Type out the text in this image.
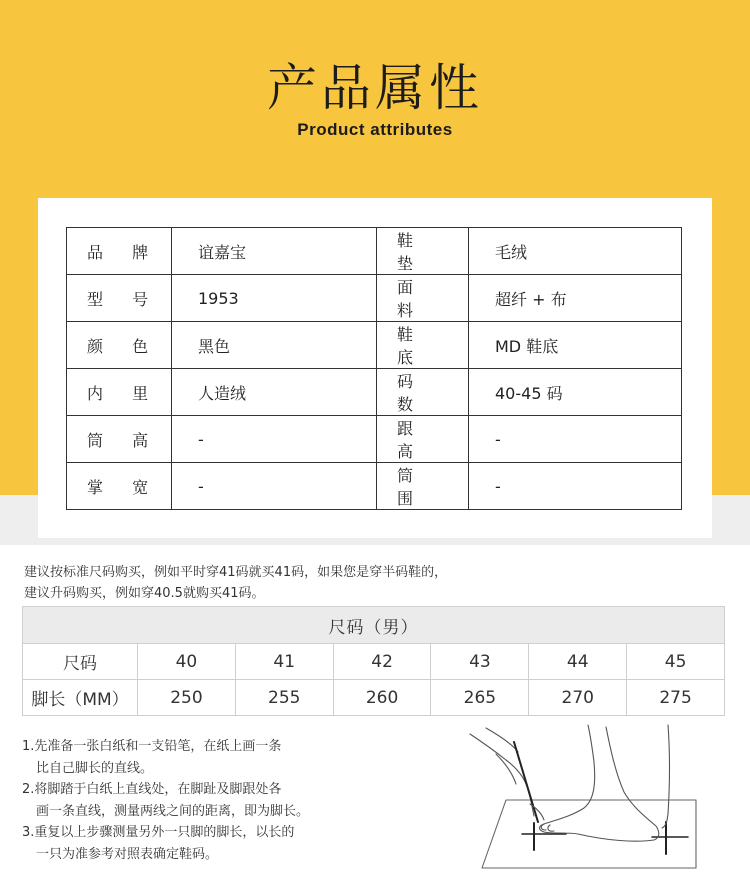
产品属性
Product attributes
品 牌	谊嘉宝	鞋 垫	毛绒
型 号	1953	面 料	超纤 + 布
颜 色	黑色	鞋 底	MD 鞋底
内 里	人造绒	码 数	40-45 码
筒 高	-	跟 高	-
掌 宽	-	筒 围	-
建议按标准尺码购买，例如平时穿41码就买41码，如果您是穿半码鞋的，
建议升码购买，例如穿40.5就购买41码。
尺码（男）						
尺码	40	41	42	43	44	45
脚长（MM）	250	255	260	265	270	275
1.先准备一张白纸和一支铅笔，在纸上画一条
比自己脚长的直线。
2.将脚踏于白纸上直线处，在脚趾及脚跟处各
画一条直线，测量两线之间的距离，即为脚长。
3.重复以上步骤测量另外一只脚的脚长，以长的
一只为准参考对照表确定鞋码。
